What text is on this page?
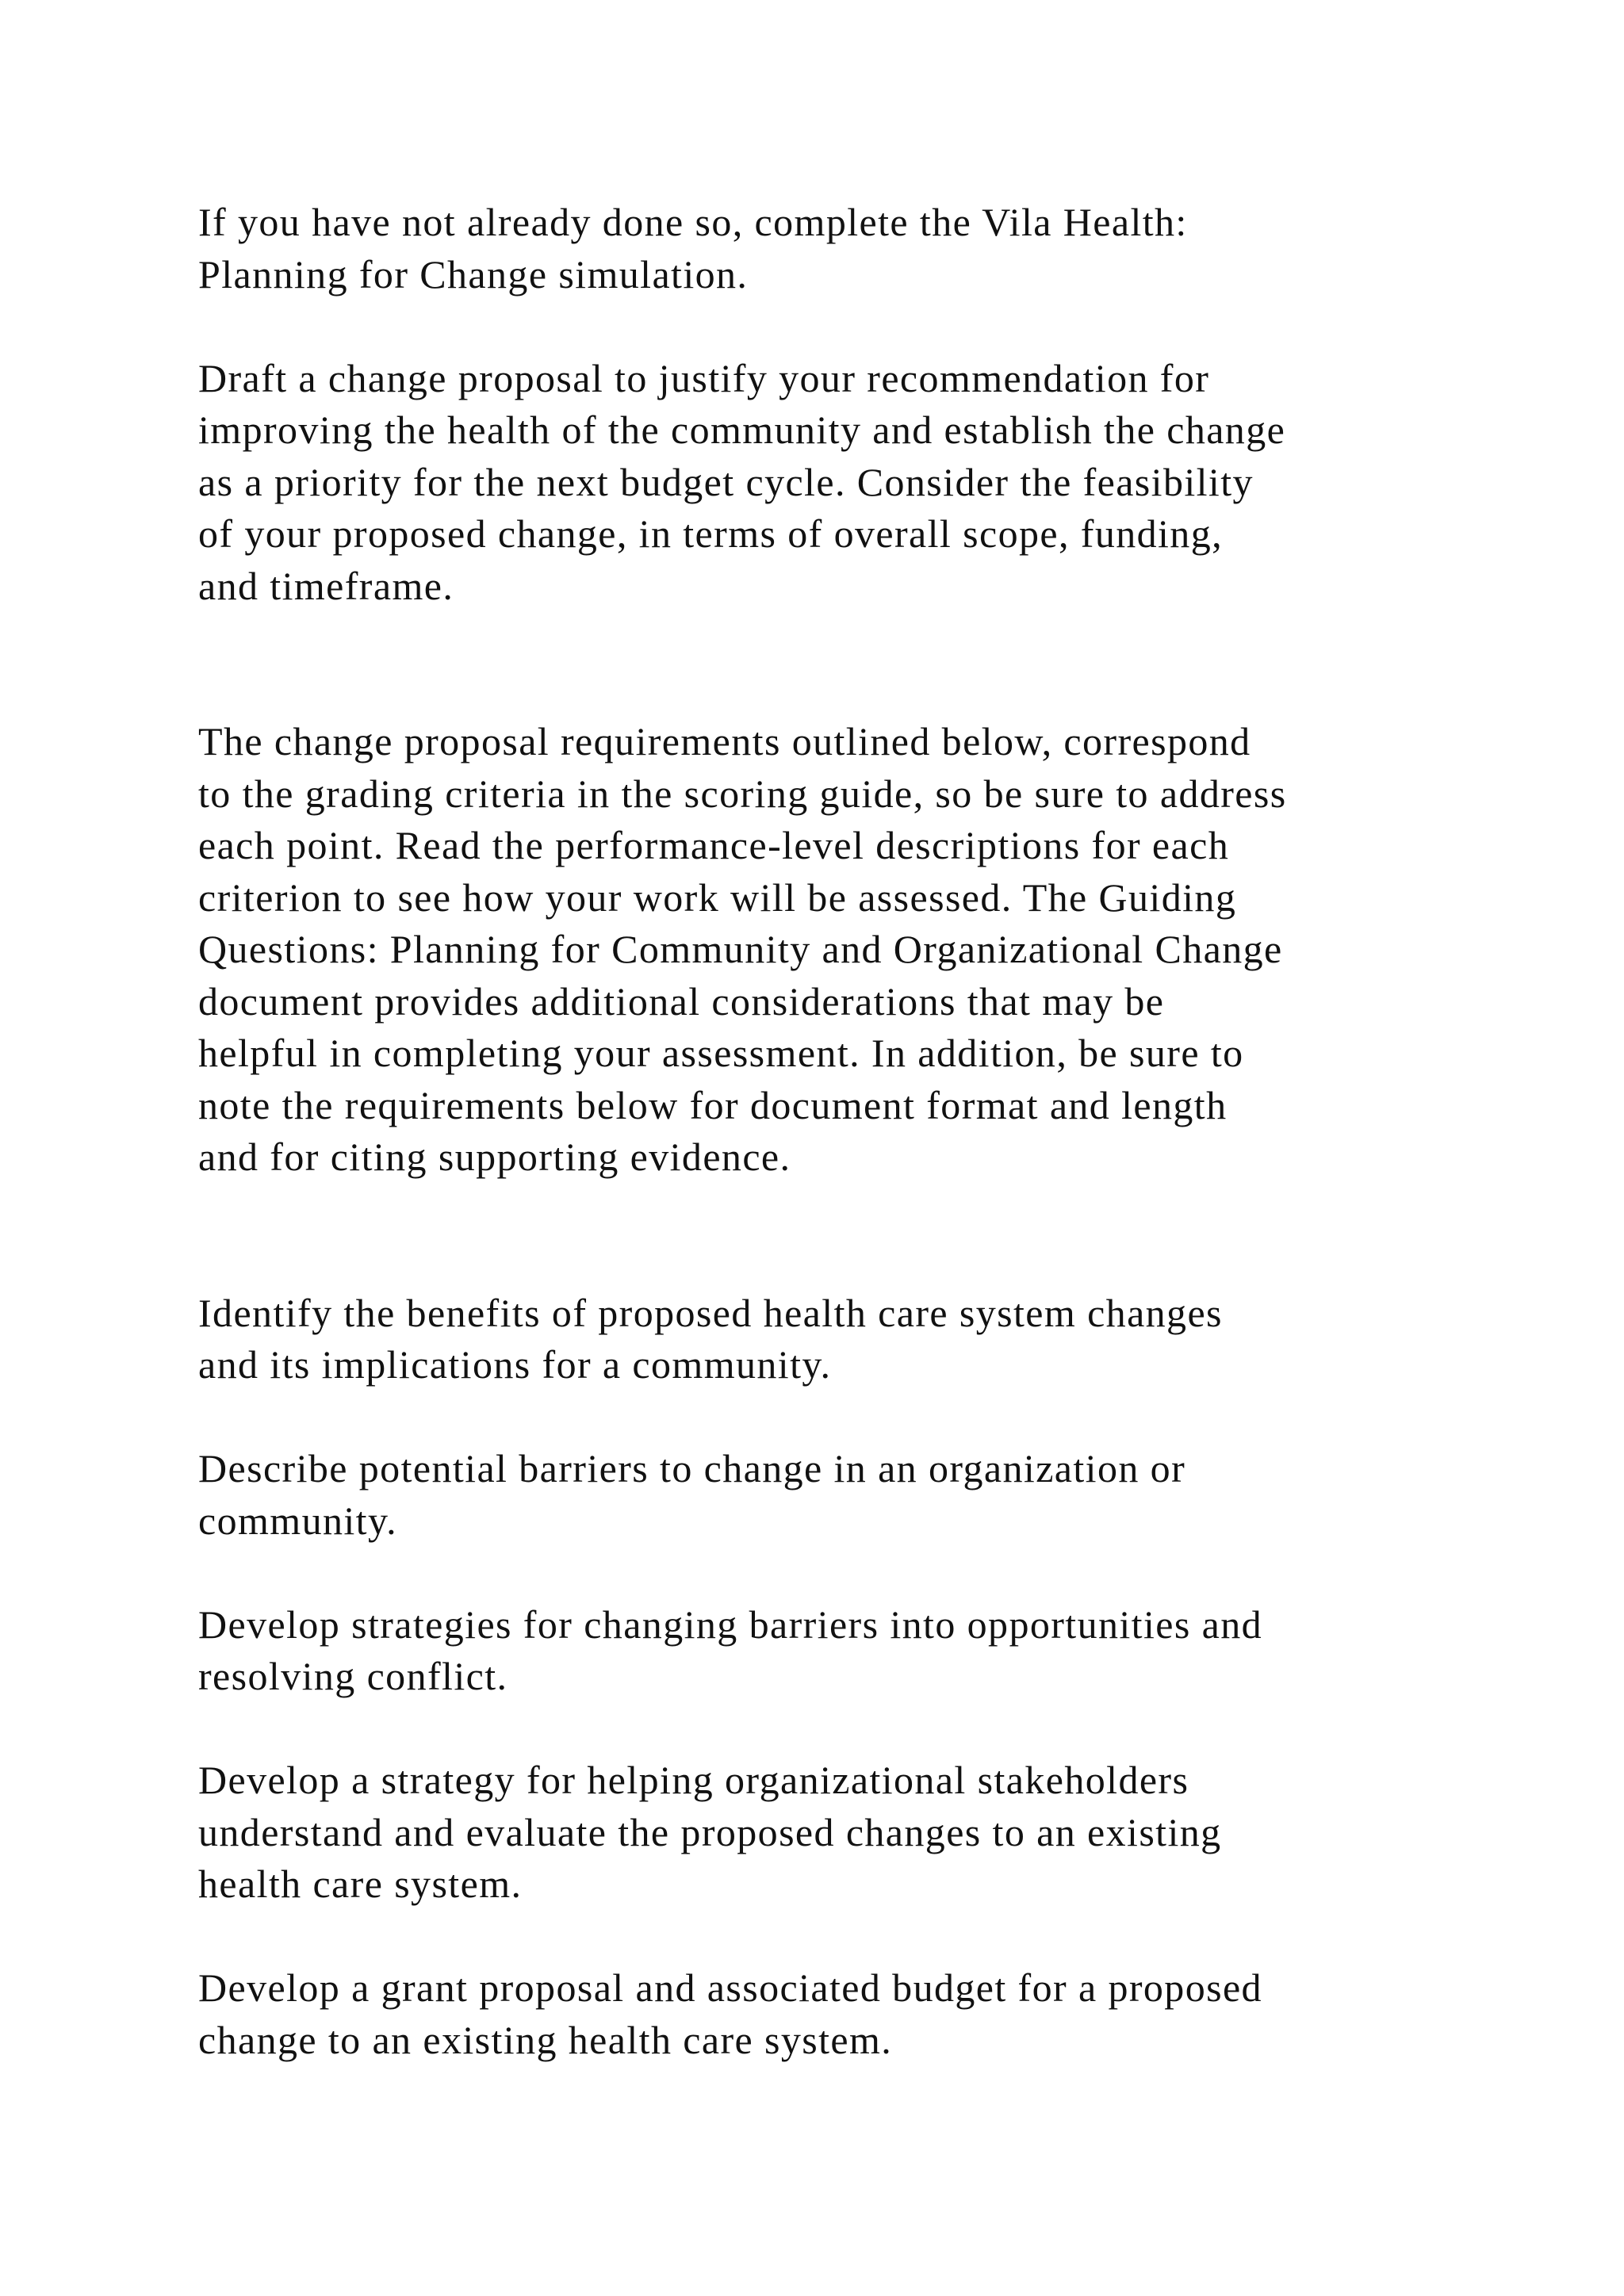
If you have not already done so, complete the Vila Health:
Planning for Change simulation.

Draft a change proposal to justify your recommendation for
improving the health of the community and establish the change
as a priority for the next budget cycle. Consider the feasibility
of your proposed change, in terms of overall scope, funding,
and timeframe.

The change proposal requirements outlined below, correspond
to the grading criteria in the scoring guide, so be sure to address
each point. Read the performance-level descriptions for each
criterion to see how your work will be assessed. The Guiding
Questions: Planning for Community and Organizational Change
document provides additional considerations that may be
helpful in completing your assessment. In addition, be sure to
note the requirements below for document format and length
and for citing supporting evidence.

Identify the benefits of proposed health care system changes
and its implications for a community.

Describe potential barriers to change in an organization or
community.

Develop strategies for changing barriers into opportunities and
resolving conflict.

Develop a strategy for helping organizational stakeholders
understand and evaluate the proposed changes to an existing
health care system.

Develop a grant proposal and associated budget for a proposed
change to an existing health care system.
